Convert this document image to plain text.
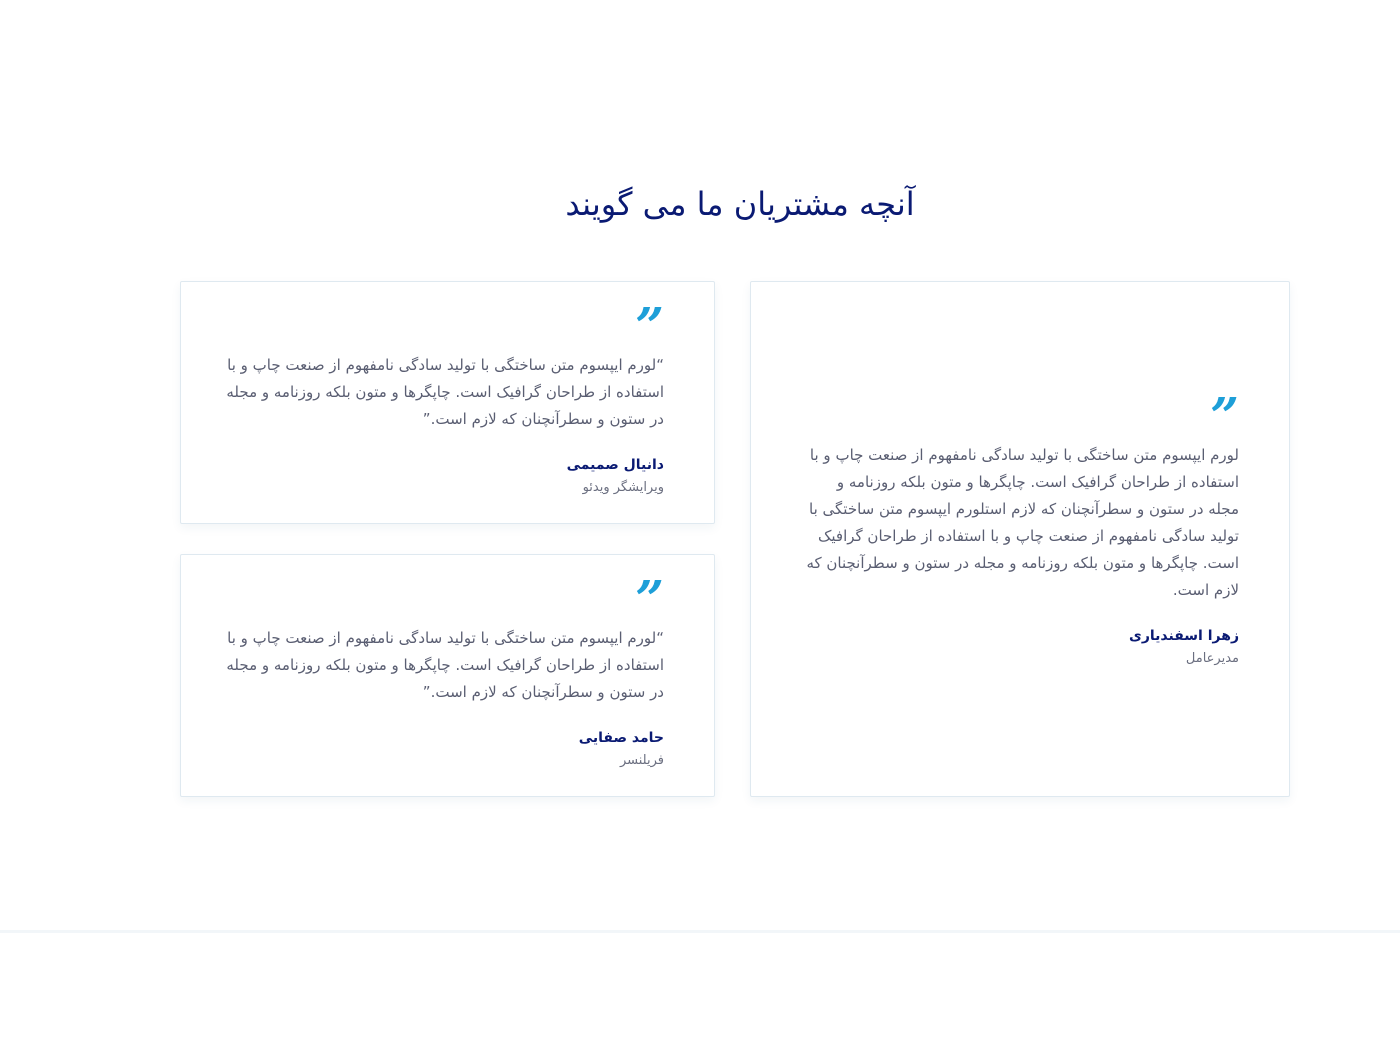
آنچه مشتریان ما می گویند
”

لورم ایپسوم متن ساختگی با تولید سادگی نامفهوم از صنعت چاپ و با استفاده از طراحان گرافیک است. چاپگرها و متون بلکه روزنامه و مجله در ستون و سطرآنچنان که لازم استلورم ایپسوم متن ساختگی با تولید سادگی نامفهوم از صنعت چاپ و با استفاده از طراحان گرافیک است. چاپگرها و متون بلکه روزنامه و مجله در ستون و سطرآنچنان که لازم است.

زهرا اسفندیاری
مدیرعامل
”

“لورم ایپسوم متن ساختگی با تولید سادگی نامفهوم از صنعت چاپ و با استفاده از طراحان گرافیک است. چاپگرها و متون بلکه روزنامه و مجله در ستون و سطرآنچنان که لازم است.”

دانیال صمیمی
ویرایشگر ویدئو
”

“لورم ایپسوم متن ساختگی با تولید سادگی نامفهوم از صنعت چاپ و با استفاده از طراحان گرافیک است. چاپگرها و متون بلکه روزنامه و مجله در ستون و سطرآنچنان که لازم است.”

حامد صفایی
فریلنسر
